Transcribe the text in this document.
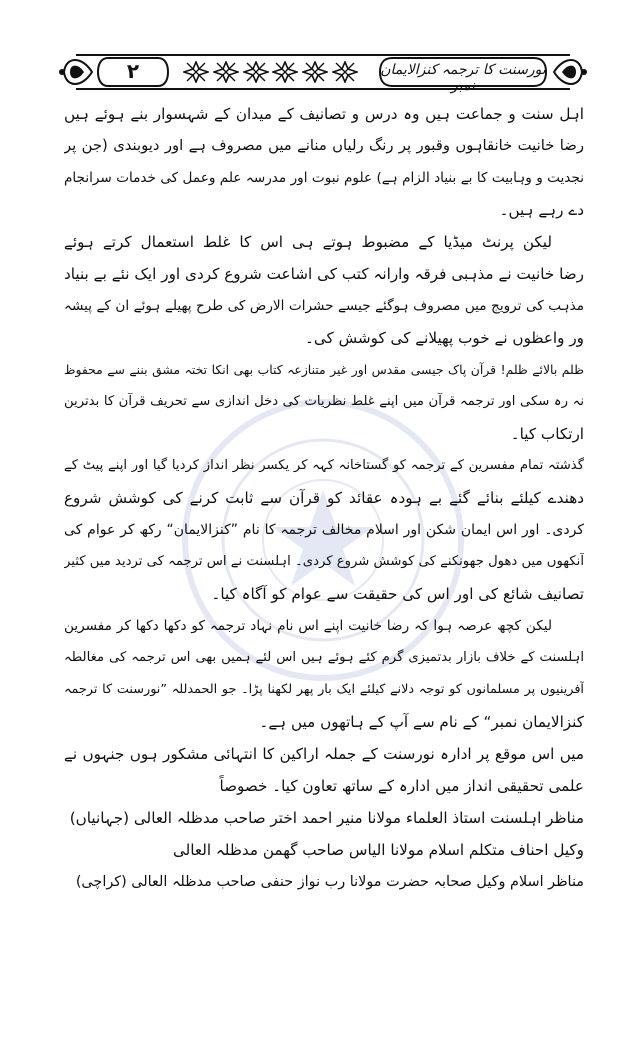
نورسنت کا ترجمہ کنزالایمان نمبر
۲
اہل سنت و جماعت ہیں وہ درس و تصانیف کے میدان کے شہسوار بنے ہوئے ہیں
رضا خانیت خانقاہوں وقبور پر رنگ رلیاں منانے میں مصروف ہے اور دیوبندی (جن پر
نجدیت و وہابیت کا بے بنیاد الزام ہے) علوم نبوت اور مدرسہ علم وعمل کی خدمات سرانجام
دے رہے ہیں۔
لیکن پرنٹ میڈیا کے مضبوط ہوتے ہی اس کا غلط استعمال کرتے ہوئے
رضا خانیت نے مذہبی فرقہ وارانہ کتب کی اشاعت شروع کردی اور ایک نئے بے بنیاد
مذہب کی ترویج میں مصروف ہوگئے جیسے حشرات الارض کی طرح پھیلے ہوئے ان کے پیشہ
ور واعظوں نے خوب پھیلانے کی کوشش کی۔
ظلم بالائے ظلم! قرآن پاک جیسی مقدس اور غیر متنازعہ کتاب بھی انکا تختہ مشق بننے سے محفوظ
نہ رہ سکی اور ترجمہ قرآن میں اپنے غلط نظریات کی دخل اندازی سے تحریف قرآن کا بدترین
ارتکاب کیا۔
گذشتہ تمام مفسرین کے ترجمہ کو گستاخانہ کہہ کر یکسر نظر انداز کردیا گیا اور اپنے پیٹ کے
دھندے کیلئے بنائے گئے بے ہودہ عقائد کو قرآن سے ثابت کرنے کی کوشش شروع
کردی۔ اور اس ایمان شکن اور اسلام مخالف ترجمہ کا نام ”کنزالایمان“ رکھ کر عوام کی
آنکھوں میں دھول جھونکنے کی کوشش شروع کردی۔ اہلسنت نے اس ترجمہ کی تردید میں کثیر
تصانیف شائع کی اور اس کی حقیقت سے عوام کو آگاہ کیا۔
لیکن کچھ عرصہ ہوا کہ رضا خانیت اپنے اس نام نہاد ترجمہ کو دکھا دکھا کر مفسرین
اہلسنت کے خلاف بازار بدتمیزی گرم کئے ہوئے ہیں اس لئے ہمیں بھی اس ترجمہ کی مغالطہ
آفرینیوں پر مسلمانوں کو توجہ دلانے کیلئے ایک بار پھر لکھنا پڑا۔ جو الحمدللہ ”نورسنت کا ترجمہ
کنزالایمان نمبر“ کے نام سے آپ کے ہاتھوں میں ہے۔
میں اس موقع پر ادارہ نورسنت کے جملہ اراکین کا انتہائی مشکور ہوں جنہوں نے
علمی تحقیقی انداز میں ادارہ کے ساتھ تعاون کیا۔ خصوصاً
مناظر اہلسنت استاذ العلماء مولانا منیر احمد اختر صاحب مدظلہ العالی (جہانیاں)
وکیل احناف متکلم اسلام مولانا الیاس صاحب گھمن مدظلہ العالی
مناظر اسلام وکیل صحابہ حضرت مولانا رب نواز حنفی صاحب مدظلہ العالی (کراچی)
